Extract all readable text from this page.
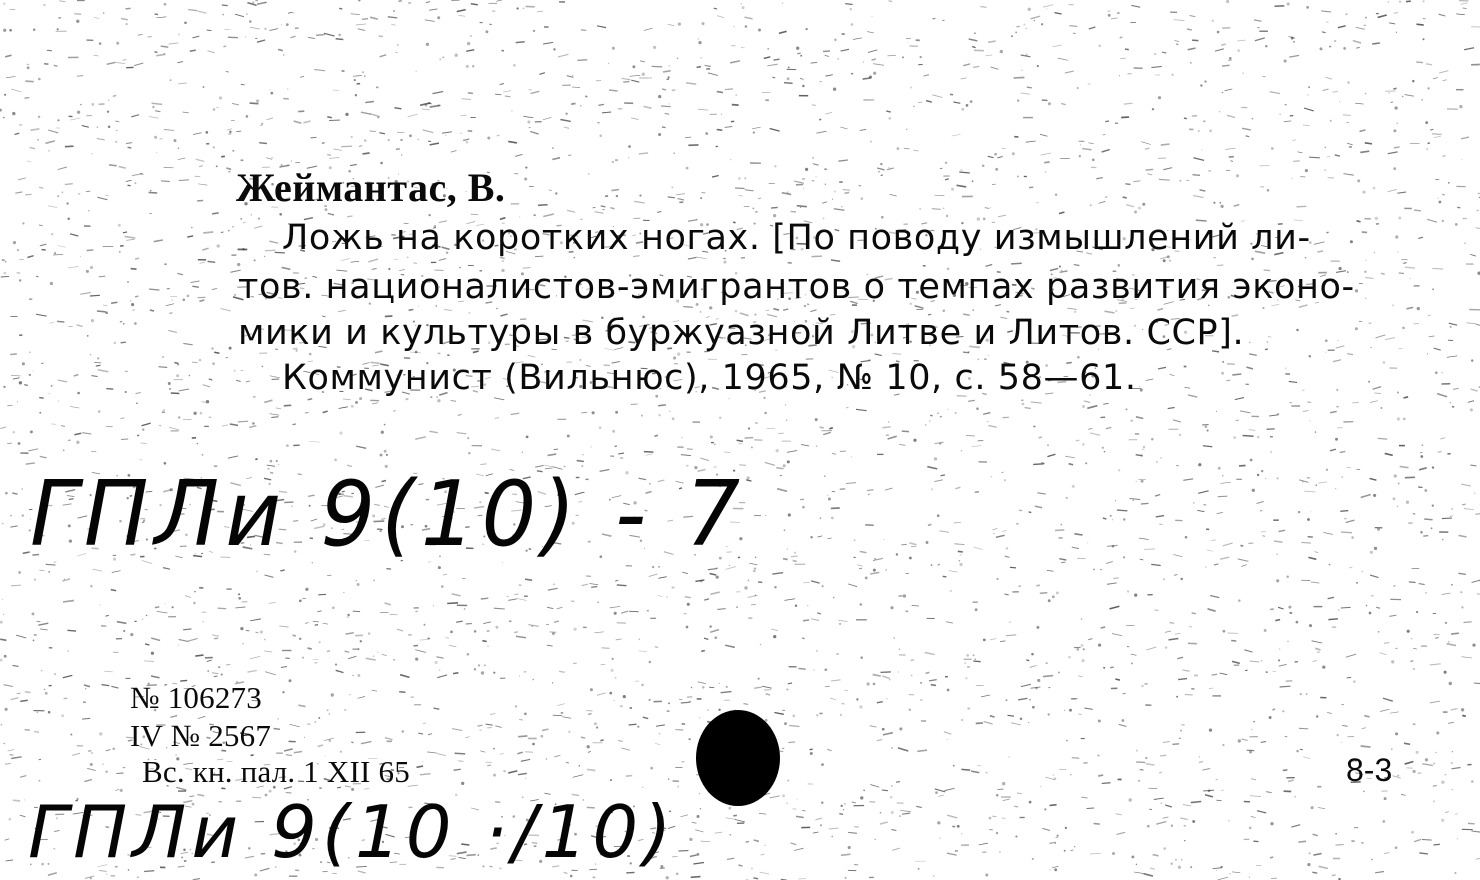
Жеймантас, В.
Ложь на коротких ногах. [По поводу измышлений ли-
тов. националистов-эмигрантов о темпах развития эконо-
мики и культуры в буржуазной Литве и Литов. ССР].
Коммунист (Вильнюс), 1965, № 10, с. 58—61.
ГПЛи 9(10) - 7
№ 106273
IV № 2567
Вс. кн. пал. 1 XII 65	8-3
ГПЛи 9(10 ·/10)
